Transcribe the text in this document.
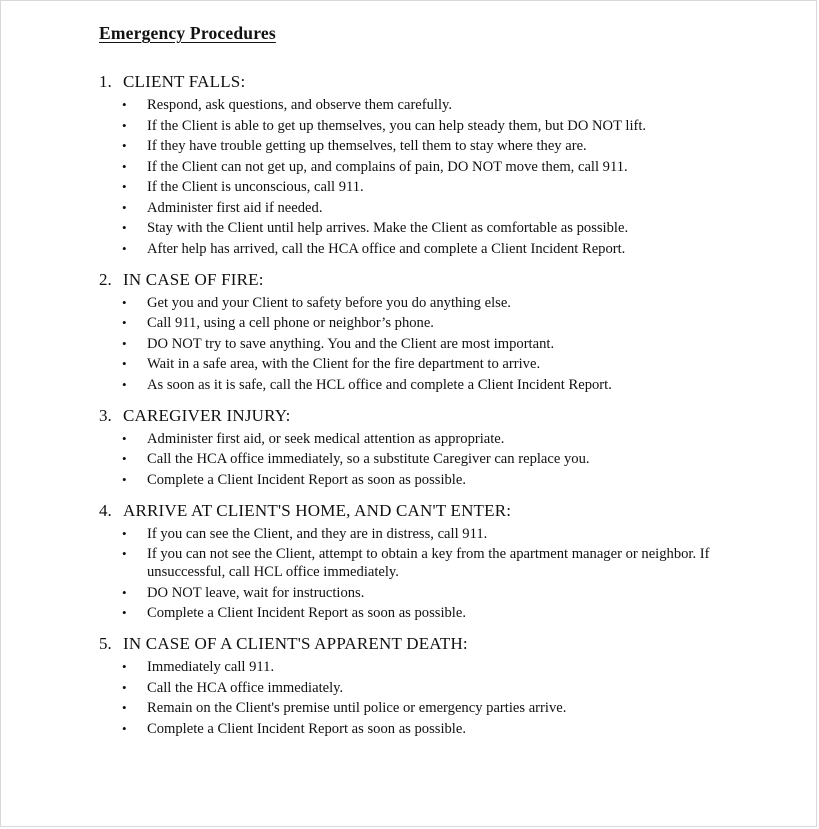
Emergency Procedures
1. CLIENT FALLS:
• Respond, ask questions, and observe them carefully.
• If the Client is able to get up themselves, you can help steady them, but DO NOT lift.
• If they have trouble getting up themselves, tell them to stay where they are.
• If the Client can not get up, and complains of pain, DO NOT move them, call 911.
• If the Client is unconscious, call 911.
• Administer first aid if needed.
• Stay with the Client until help arrives. Make the Client as comfortable as possible.
• After help has arrived, call the HCA office and complete a Client Incident Report.
2. IN CASE OF FIRE:
• Get you and your Client to safety before you do anything else.
• Call 911, using a cell phone or neighbor’s phone.
• DO NOT try to save anything. You and the Client are most important.
• Wait in a safe area, with the Client for the fire department to arrive.
• As soon as it is safe, call the HCL office and complete a Client Incident Report.
3. CAREGIVER INJURY:
• Administer first aid, or seek medical attention as appropriate.
• Call the HCA office immediately, so a substitute Caregiver can replace you.
• Complete a Client Incident Report as soon as possible.
4. ARRIVE AT CLIENT'S HOME, AND CAN'T ENTER:
• If you can see the Client, and they are in distress, call 911.
• If you can not see the Client, attempt to obtain a key from the apartment manager or neighbor. If unsuccessful, call HCL office immediately.
• DO NOT leave, wait for instructions.
• Complete a Client Incident Report as soon as possible.
5. IN CASE OF A CLIENT'S APPARENT DEATH:
• Immediately call 911.
• Call the HCA office immediately.
• Remain on the Client's premise until police or emergency parties arrive.
• Complete a Client Incident Report as soon as possible.
